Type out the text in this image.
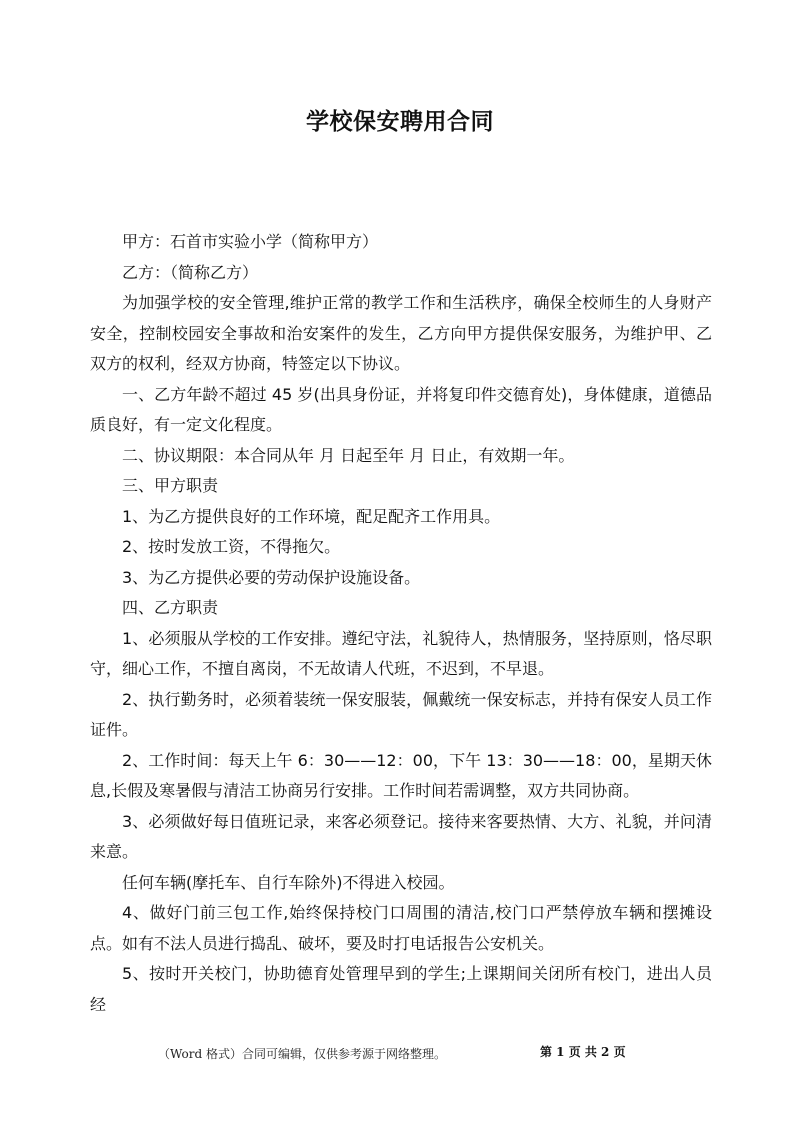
学校保安聘用合同

甲方：石首市实验小学（简称甲方）

乙方：（简称乙方）

为加强学校的安全管理,维护正常的教学工作和生活秩序，确保全校师生的人身财产安全，控制校园安全事故和治安案件的发生，乙方向甲方提供保安服务，为维护甲、乙双方的权利，经双方协商，特签定以下协议。

一、乙方年龄不超过 45 岁(出具身份证，并将复印件交德育处)，身体健康，道德品质良好，有一定文化程度。

二、协议期限：本合同从年 月 日起至年 月 日止，有效期一年。

三、甲方职责

1、为乙方提供良好的工作环境，配足配齐工作用具。

2、按时发放工资，不得拖欠。

3、为乙方提供必要的劳动保护设施设备。

四、乙方职责

1、必须服从学校的工作安排。遵纪守法，礼貌待人，热情服务，坚持原则，恪尽职守，细心工作，不擅自离岗，不无故请人代班，不迟到，不早退。

2、执行勤务时，必须着装统一保安服装，佩戴统一保安标志，并持有保安人员工作证件。

2、工作时间：每天上午 6：30——12：00，下午 13：30——18：00，星期天休息,长假及寒暑假与清洁工协商另行安排。工作时间若需调整，双方共同协商。

3、必须做好每日值班记录，来客必须登记。接待来客要热情、大方、礼貌，并问清来意。

任何车辆(摩托车、自行车除外)不得进入校园。

4、做好门前三包工作,始终保持校门口周围的清洁,校门口严禁停放车辆和摆摊设点。如有不法人员进行捣乱、破坏，要及时打电话报告公安机关。

5、按时开关校门，协助德育处管理早到的学生;上课期间关闭所有校门，进出人员经

（Word 格式）合同可编辑，仅供参考源于网络整理。	第 1 页 共 2 页
